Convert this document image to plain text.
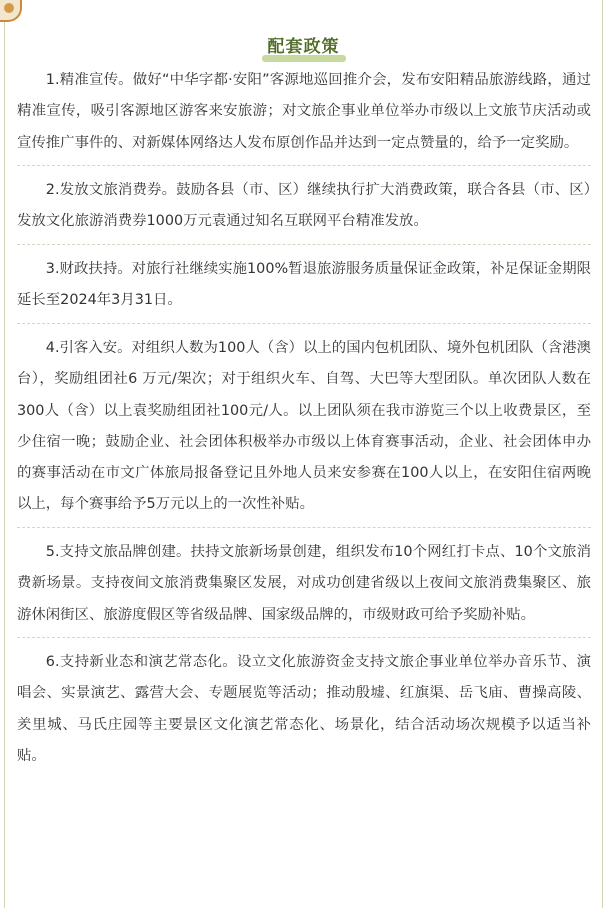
配套政策

1.精准宣传。做好“中华字都·安阳”客源地巡回推介会，发布安阳精品旅游线路，通过精准宣传，吸引客源地区游客来安旅游；对文旅企事业单位举办市级以上文旅节庆活动或宣传推广事件的、对新媒体网络达人发布原创作品并达到一定点赞量的，给予一定奖励。

2.发放文旅消费券。鼓励各县（市、区）继续执行扩大消费政策，联合各县（市、区）发放文化旅游消费券1000万元袁通过知名互联网平台精准发放。

3.财政扶持。对旅行社继续实施100%暂退旅游服务质量保证金政策，补足保证金期限延长至2024年3月31日。

4.引客入安。对组织人数为100人（含）以上的国内包机团队、境外包机团队（含港澳台），奖励组团社6 万元/架次；对于组织火车、自驾、大巴等大型团队。单次团队人数在300人（含）以上袁奖励组团社100元/人。以上团队须在我市游览三个以上收费景区，至少住宿一晚；鼓励企业、社会团体积极举办市级以上体育赛事活动，企业、社会团体申办的赛事活动在市文广体旅局报备登记且外地人员来安参赛在100人以上，在安阳住宿两晚以上，每个赛事给予5万元以上的一次性补贴。

5.支持文旅品牌创建。扶持文旅新场景创建，组织发布10个网红打卡点、10个文旅消费新场景。支持夜间文旅消费集聚区发展，对成功创建省级以上夜间文旅消费集聚区、旅游休闲街区、旅游度假区等省级品牌、国家级品牌的，市级财政可给予奖励补贴。

6.支持新业态和演艺常态化。设立文化旅游资金支持文旅企事业单位举办音乐节、演唱会、实景演艺、露营大会、专题展览等活动；推动殷墟、红旗渠、岳飞庙、曹操高陵、羑里城、马氏庄园等主要景区文化演艺常态化、场景化，结合活动场次规模予以适当补贴。
